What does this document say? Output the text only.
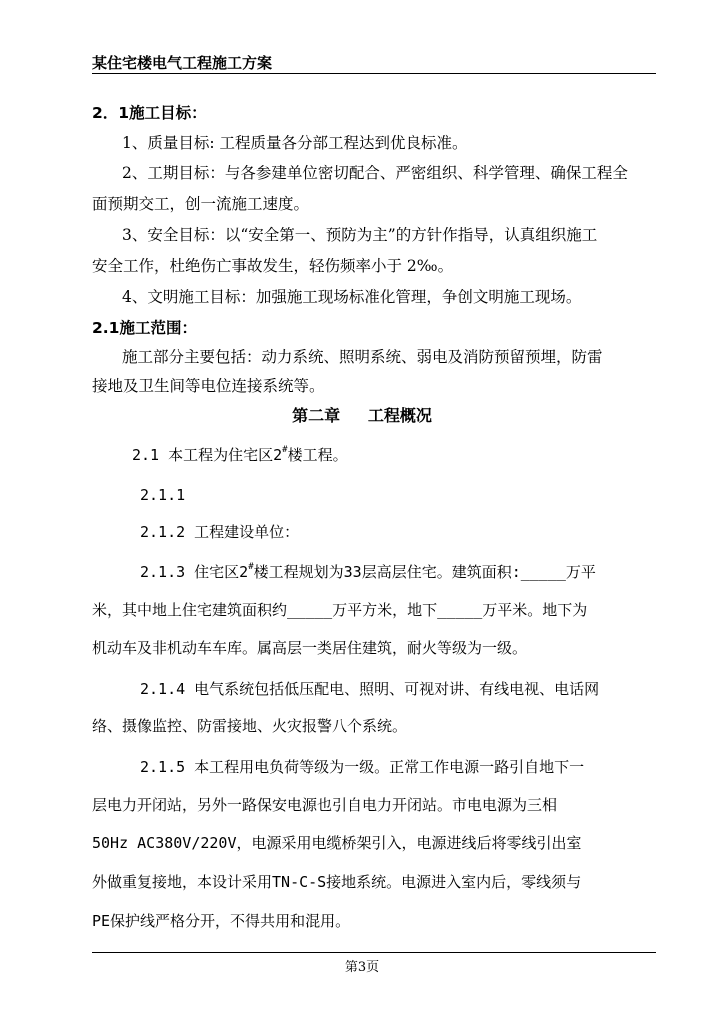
某住宅楼电气工程施工方案
2．1施工目标：
1、质量目标: 工程质量各分部工程达到优良标准。
2、工期目标：与各参建单位密切配合、严密组织、科学管理、确保工程全
面预期交工，创一流施工速度。
3、安全目标：以“安全第一、预防为主”的方针作指导，认真组织施工
安全工作，杜绝伤亡事故发生，轻伤频率小于 2‰。
4、文明施工目标：加强施工现场标准化管理，争创文明施工现场。
2.1施工范围：
施工部分主要包括：动力系统、照明系统、弱电及消防预留预埋，防雷
接地及卫生间等电位连接系统等。
第二章     工程概况
2.1 本工程为住宅区2#楼工程。
2.1.1
2.1.2 工程建设单位：
2.1.3 住宅区2#楼工程规划为33层高层住宅。建筑面积:_____万平
米，其中地上住宅建筑面积约_____万平方米，地下_____万平米。地下为
机动车及非机动车车库。属高层一类居住建筑，耐火等级为一级。
2.1.4 电气系统包括低压配电、照明、可视对讲、有线电视、电话网
络、摄像监控、防雷接地、火灾报警八个系统。
2.1.5 本工程用电负荷等级为一级。正常工作电源一路引自地下一
层电力开闭站，另外一路保安电源也引自电力开闭站。市电电源为三相
50Hz AC380V/220V，电源采用电缆桥架引入，电源进线后将零线引出室
外做重复接地，本设计采用TN-C-S接地系统。电源进入室内后，零线须与
PE保护线严格分开，不得共用和混用。
第3页
